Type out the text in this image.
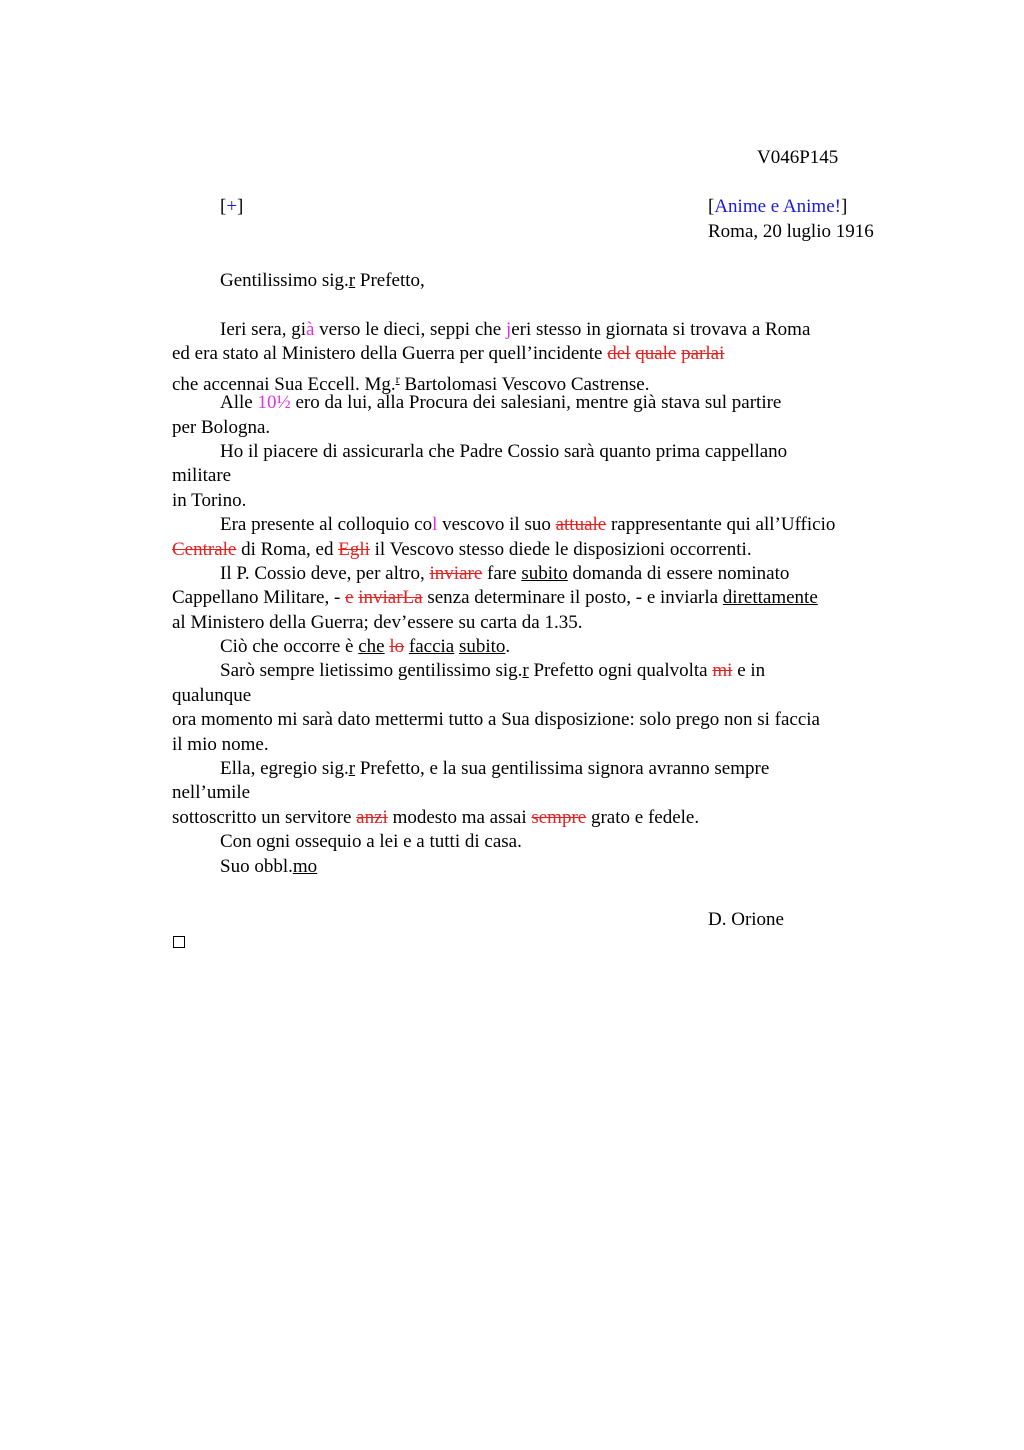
V046P145
[+]	[Anime e Anime!]
Roma, 20 luglio 1916
Gentilissimo sig.r Prefetto,
Ieri sera, già verso le dieci, seppi che jeri stesso in giornata si trovava a Roma
ed era stato al Ministero della Guerra per quell’incidente del quale parlai
che accennai Sua Eccell. Mg.$^r$ Bartolomasi Vescovo Castrense.
Alle 10½ ero da lui, alla Procura dei salesiani, mentre già stava sul partire
per Bologna.
Ho il piacere di assicurarla che Padre Cossio sarà quanto prima cappellano
militare
in Torino.
Era presente al colloquio col vescovo il suo attuale rappresentante qui all’Ufficio
Centrale di Roma, ed Egli il Vescovo stesso diede le disposizioni occorrenti.
Il P. Cossio deve, per altro, inviare fare subito domanda di essere nominato
Cappellano Militare, - e inviarLa senza determinare il posto, - e inviarla direttamente
al Ministero della Guerra; dev’essere su carta da 1.35.
Ciò che occorre è che lo faccia subito.
Sarò sempre lietissimo gentilissimo sig.r Prefetto ogni qualvolta mi e in
qualunque
ora momento mi sarà dato mettermi tutto a Sua disposizione: solo prego non si faccia
il mio nome.
Ella, egregio sig.r Prefetto, e la sua gentilissima signora avranno sempre
nell’umile
sottoscritto un servitore anzi modesto ma assai sempre grato e fedele.
Con ogni ossequio a lei e a tutti di casa.
Suo obbl.mo
D. Orione
